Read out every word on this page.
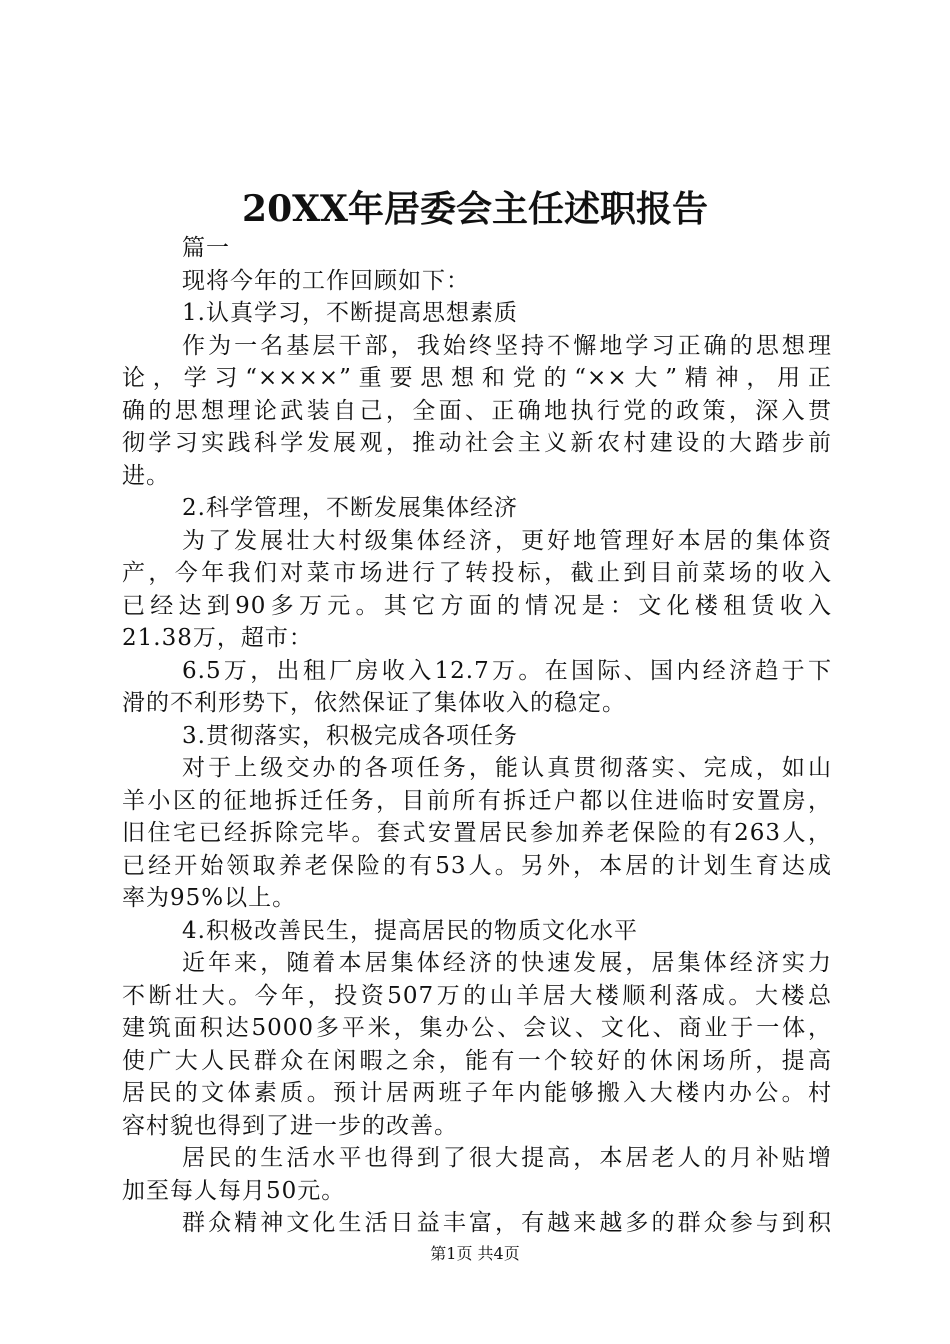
20XX年居委会主任述职报告
篇一
现将今年的工作回顾如下：
1.认真学习，不断提高思想素质
作为一名基层干部，我始终坚持不懈地学习正确的思想理
论，学习“××××”重要思想和党的“××大”精神，用正
确的思想理论武装自己，全面、正确地执行党的政策，深入贯
彻学习实践科学发展观，推动社会主义新农村建设的大踏步前
进。
2.科学管理，不断发展集体经济
为了发展壮大村级集体经济，更好地管理好本居的集体资
产，今年我们对菜市场进行了转投标，截止到目前菜场的收入
已经达到90多万元。其它方面的情况是：文化楼租赁收入
21.38万，超市：
6.5万，出租厂房收入12.7万。在国际、国内经济趋于下
滑的不利形势下，依然保证了集体收入的稳定。
3.贯彻落实，积极完成各项任务
对于上级交办的各项任务，能认真贯彻落实、完成，如山
羊小区的征地拆迁任务，目前所有拆迁户都以住进临时安置房，
旧住宅已经拆除完毕。套式安置居民参加养老保险的有263人，
已经开始领取养老保险的有53人。另外，本居的计划生育达成
率为95%以上。
4.积极改善民生，提高居民的物质文化水平
近年来，随着本居集体经济的快速发展，居集体经济实力
不断壮大。今年，投资507万的山羊居大楼顺利落成。大楼总
建筑面积达5000多平米，集办公、会议、文化、商业于一体，
使广大人民群众在闲暇之余，能有一个较好的休闲场所，提高
居民的文体素质。预计居两班子年内能够搬入大楼内办公。村
容村貌也得到了进一步的改善。
居民的生活水平也得到了很大提高，本居老人的月补贴增
加至每人每月50元。
群众精神文化生活日益丰富，有越来越多的群众参与到积
第1页 共4页
